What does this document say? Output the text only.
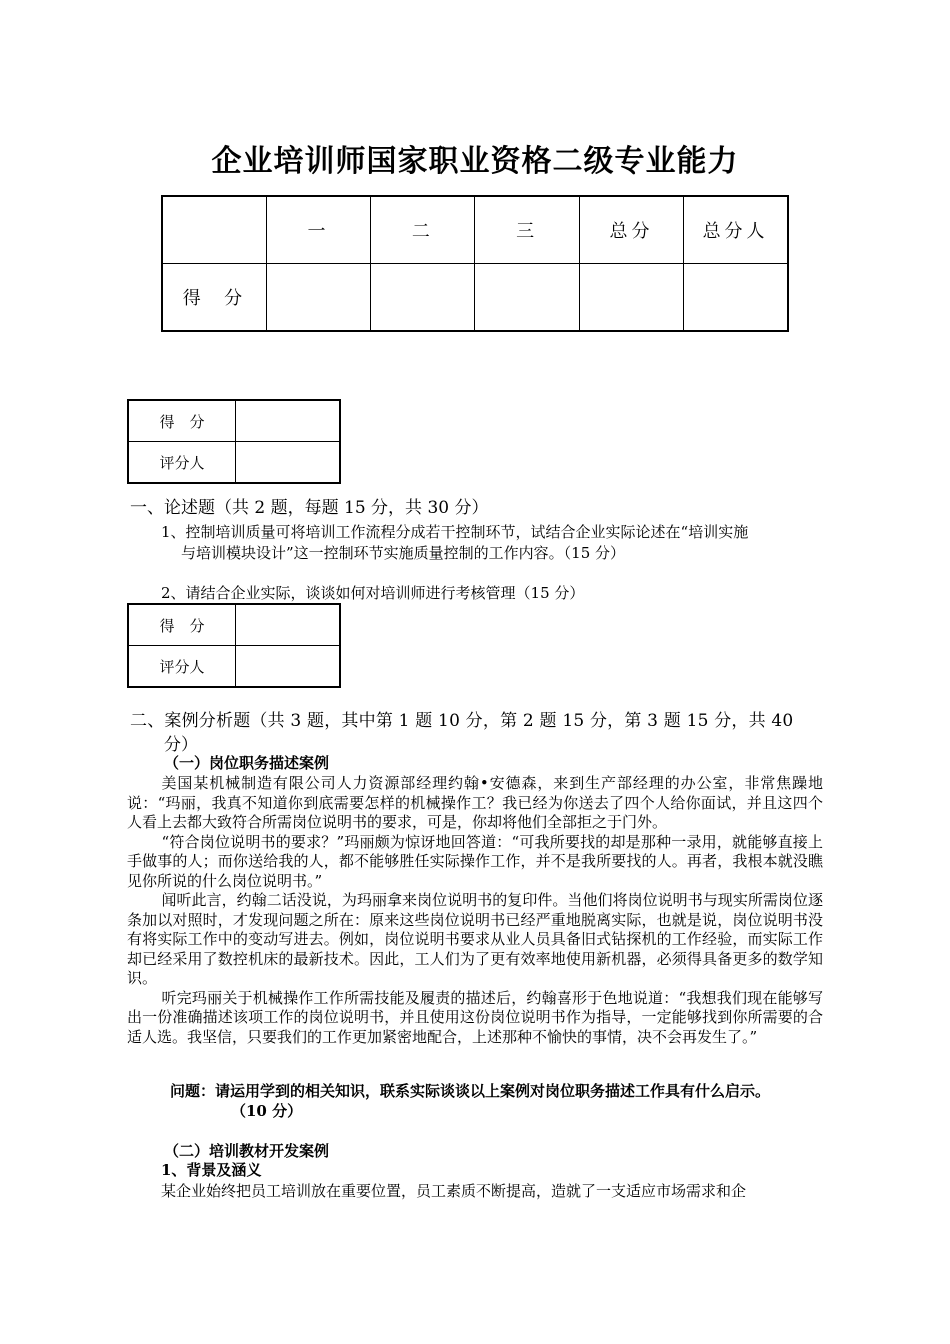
企业培训师国家职业资格二级专业能力
	一	二	三	总分	总分人
得  分					
得　分	
评分人	
一、论述题（共 2 题，每题 15 分，共 30 分）
1、控制培训质量可将培训工作流程分成若干控制环节，试结合企业实际论述在“培训实施
与培训模块设计”这一控制环节实施质量控制的工作内容。（15 分）
2、请结合企业实际，谈谈如何对培训师进行考核管理（15 分）
得　分	
评分人	
二、案例分析题（共 3 题，其中第 1 题 10 分，第 2 题 15 分，第 3 题 15 分，共 40
分）
（一）岗位职务描述案例

美国某机械制造有限公司人力资源部经理约翰•安德森，来到生产部经理的办公室，非常焦躁地说：“玛丽，我真不知道你到底需要怎样的机械操作工？我已经为你送去了四个人给你面试，并且这四个人看上去都大致符合所需岗位说明书的要求，可是，你却将他们全部拒之于门外。

“符合岗位说明书的要求？”玛丽颇为惊讶地回答道：“可我所要找的却是那种一录用，就能够直接上手做事的人；而你送给我的人，都不能够胜任实际操作工作，并不是我所要找的人。再者，我根本就没瞧见你所说的什么岗位说明书。”

闻听此言，约翰二话没说，为玛丽拿来岗位说明书的复印件。当他们将岗位说明书与现实所需岗位逐条加以对照时，才发现问题之所在：原来这些岗位说明书已经严重地脱离实际，也就是说，岗位说明书没有将实际工作中的变动写进去。例如，岗位说明书要求从业人员具备旧式钻探机的工作经验，而实际工作却已经采用了数控机床的最新技术。因此，工人们为了更有效率地使用新机器，必须得具备更多的数学知识。

听完玛丽关于机械操作工作所需技能及履责的描述后，约翰喜形于色地说道：“我想我们现在能够写出一份准确描述该项工作的岗位说明书，并且使用这份岗位说明书作为指导，一定能够找到你所需要的合适人选。我坚信，只要我们的工作更加紧密地配合，上述那种不愉快的事情，决不会再发生了。”

问题：请运用学到的相关知识，联系实际谈谈以上案例对岗位职务描述工作具有什么启示。
（10 分）
（二）培训教材开发案例
1、背景及涵义
某企业始终把员工培训放在重要位置，员工素质不断提高，造就了一支适应市场需求和企
